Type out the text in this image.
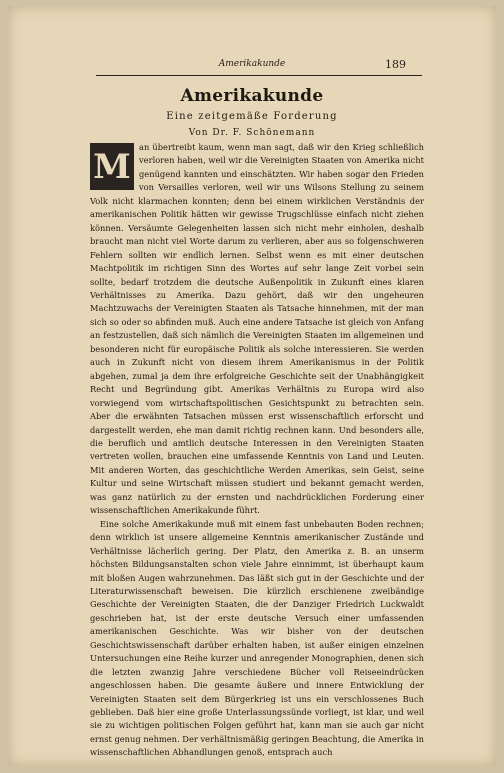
Amerikakunde	189
Amerikakunde
Eine zeitgemäße Forderung
Von Dr. F. Schönemann

M an übertreibt kaum, wenn man sagt, daß wir den Krieg schließlich verloren haben, weil wir die Vereinigten Staaten von Amerika nicht genügend kannten und einschätzten. Wir haben sogar den Frieden von Versailles verloren, weil wir uns Wilsons Stellung zu seinem Volk nicht klarmachen konnten; denn bei einem wirklichen Verständnis der amerikanischen Politik hätten wir gewisse Trugschlüsse einfach nicht ziehen können. Versäumte Gelegenheiten lassen sich nicht mehr einholen, deshalb braucht man nicht viel Worte darum zu verlieren, aber aus so folgenschweren Fehlern sollten wir endlich lernen. Selbst wenn es mit einer deutschen Machtpolitik im richtigen Sinn des Wortes auf sehr lange Zeit vorbei sein sollte, bedarf trotzdem die deutsche Außenpolitik in Zukunft eines klaren Verhältnisses zu Amerika. Dazu gehört, daß wir den ungeheuren Machtzuwachs der Vereinigten Staaten als Tatsache hinnehmen, mit der man sich so oder so abfinden muß. Auch eine andere Tatsache ist gleich von Anfang an festzustellen, daß sich nämlich die Vereinigten Staaten im allgemeinen und besonderen nicht für europäische Politik als solche interessieren. Sie werden auch in Zukunft nicht von diesem ihrem Amerikanismus in der Politik abgehen, zumal ja dem ihre erfolgreiche Geschichte seit der Unabhängigkeit Recht und Begründung gibt. Amerikas Verhältnis zu Europa wird also vorwiegend vom wirtschaftspolitischen Gesichtspunkt zu betrachten sein. Aber die erwähnten Tatsachen müssen erst wissenschaftlich erforscht und dargestellt werden, ehe man damit richtig rechnen kann. Und besonders alle, die beruflich und amtlich deutsche Interessen in den Vereinigten Staaten vertreten wollen, brauchen eine umfassende Kenntnis von Land und Leuten. Mit anderen Worten, das geschichtliche Werden Amerikas, sein Geist, seine Kultur und seine Wirtschaft müssen studiert und bekannt gemacht werden, was ganz natürlich zu der ernsten und nachdrücklichen Forderung einer wissenschaftlichen Amerikakunde führt.

Eine solche Amerikakunde muß mit einem fast unbebauten Boden rechnen; denn wirklich ist unsere allgemeine Kenntnis amerikanischer Zustände und Verhältnisse lächerlich gering. Der Platz, den Amerika z. B. an unserm höchsten Bildungsanstalten schon viele Jahre einnimmt, ist überhaupt kaum mit bloßen Augen wahrzunehmen. Das läßt sich gut in der Geschichte und der Literaturwissenschaft beweisen. Die kürzlich erschienene zweibändige Geschichte der Vereinigten Staaten, die der Danziger Friedrich Luckwaldt geschrieben hat, ist der erste deutsche Versuch einer umfassenden amerikanischen Geschichte. Was wir bisher von der deutschen Geschichtswissenschaft darüber erhalten haben, ist außer einigen einzelnen Untersuchungen eine Reihe kurzer und anregender Monographien, denen sich die letzten zwanzig Jahre verschiedene Bücher voll Reiseeindrücken angeschlossen haben. Die gesamte äußere und innere Entwicklung der Vereinigten Staaten seit dem Bürgerkrieg ist uns ein verschlossenes Buch geblieben. Daß hier eine große Unterlassungssünde vorliegt, ist klar, und weil sie zu wichtigen politischen Folgen geführt hat, kann man sie auch gar nicht ernst genug nehmen. Der verhältnismäßig geringen Beachtung, die Amerika in wissenschaftlichen Abhandlungen genoß, entsprach auch
